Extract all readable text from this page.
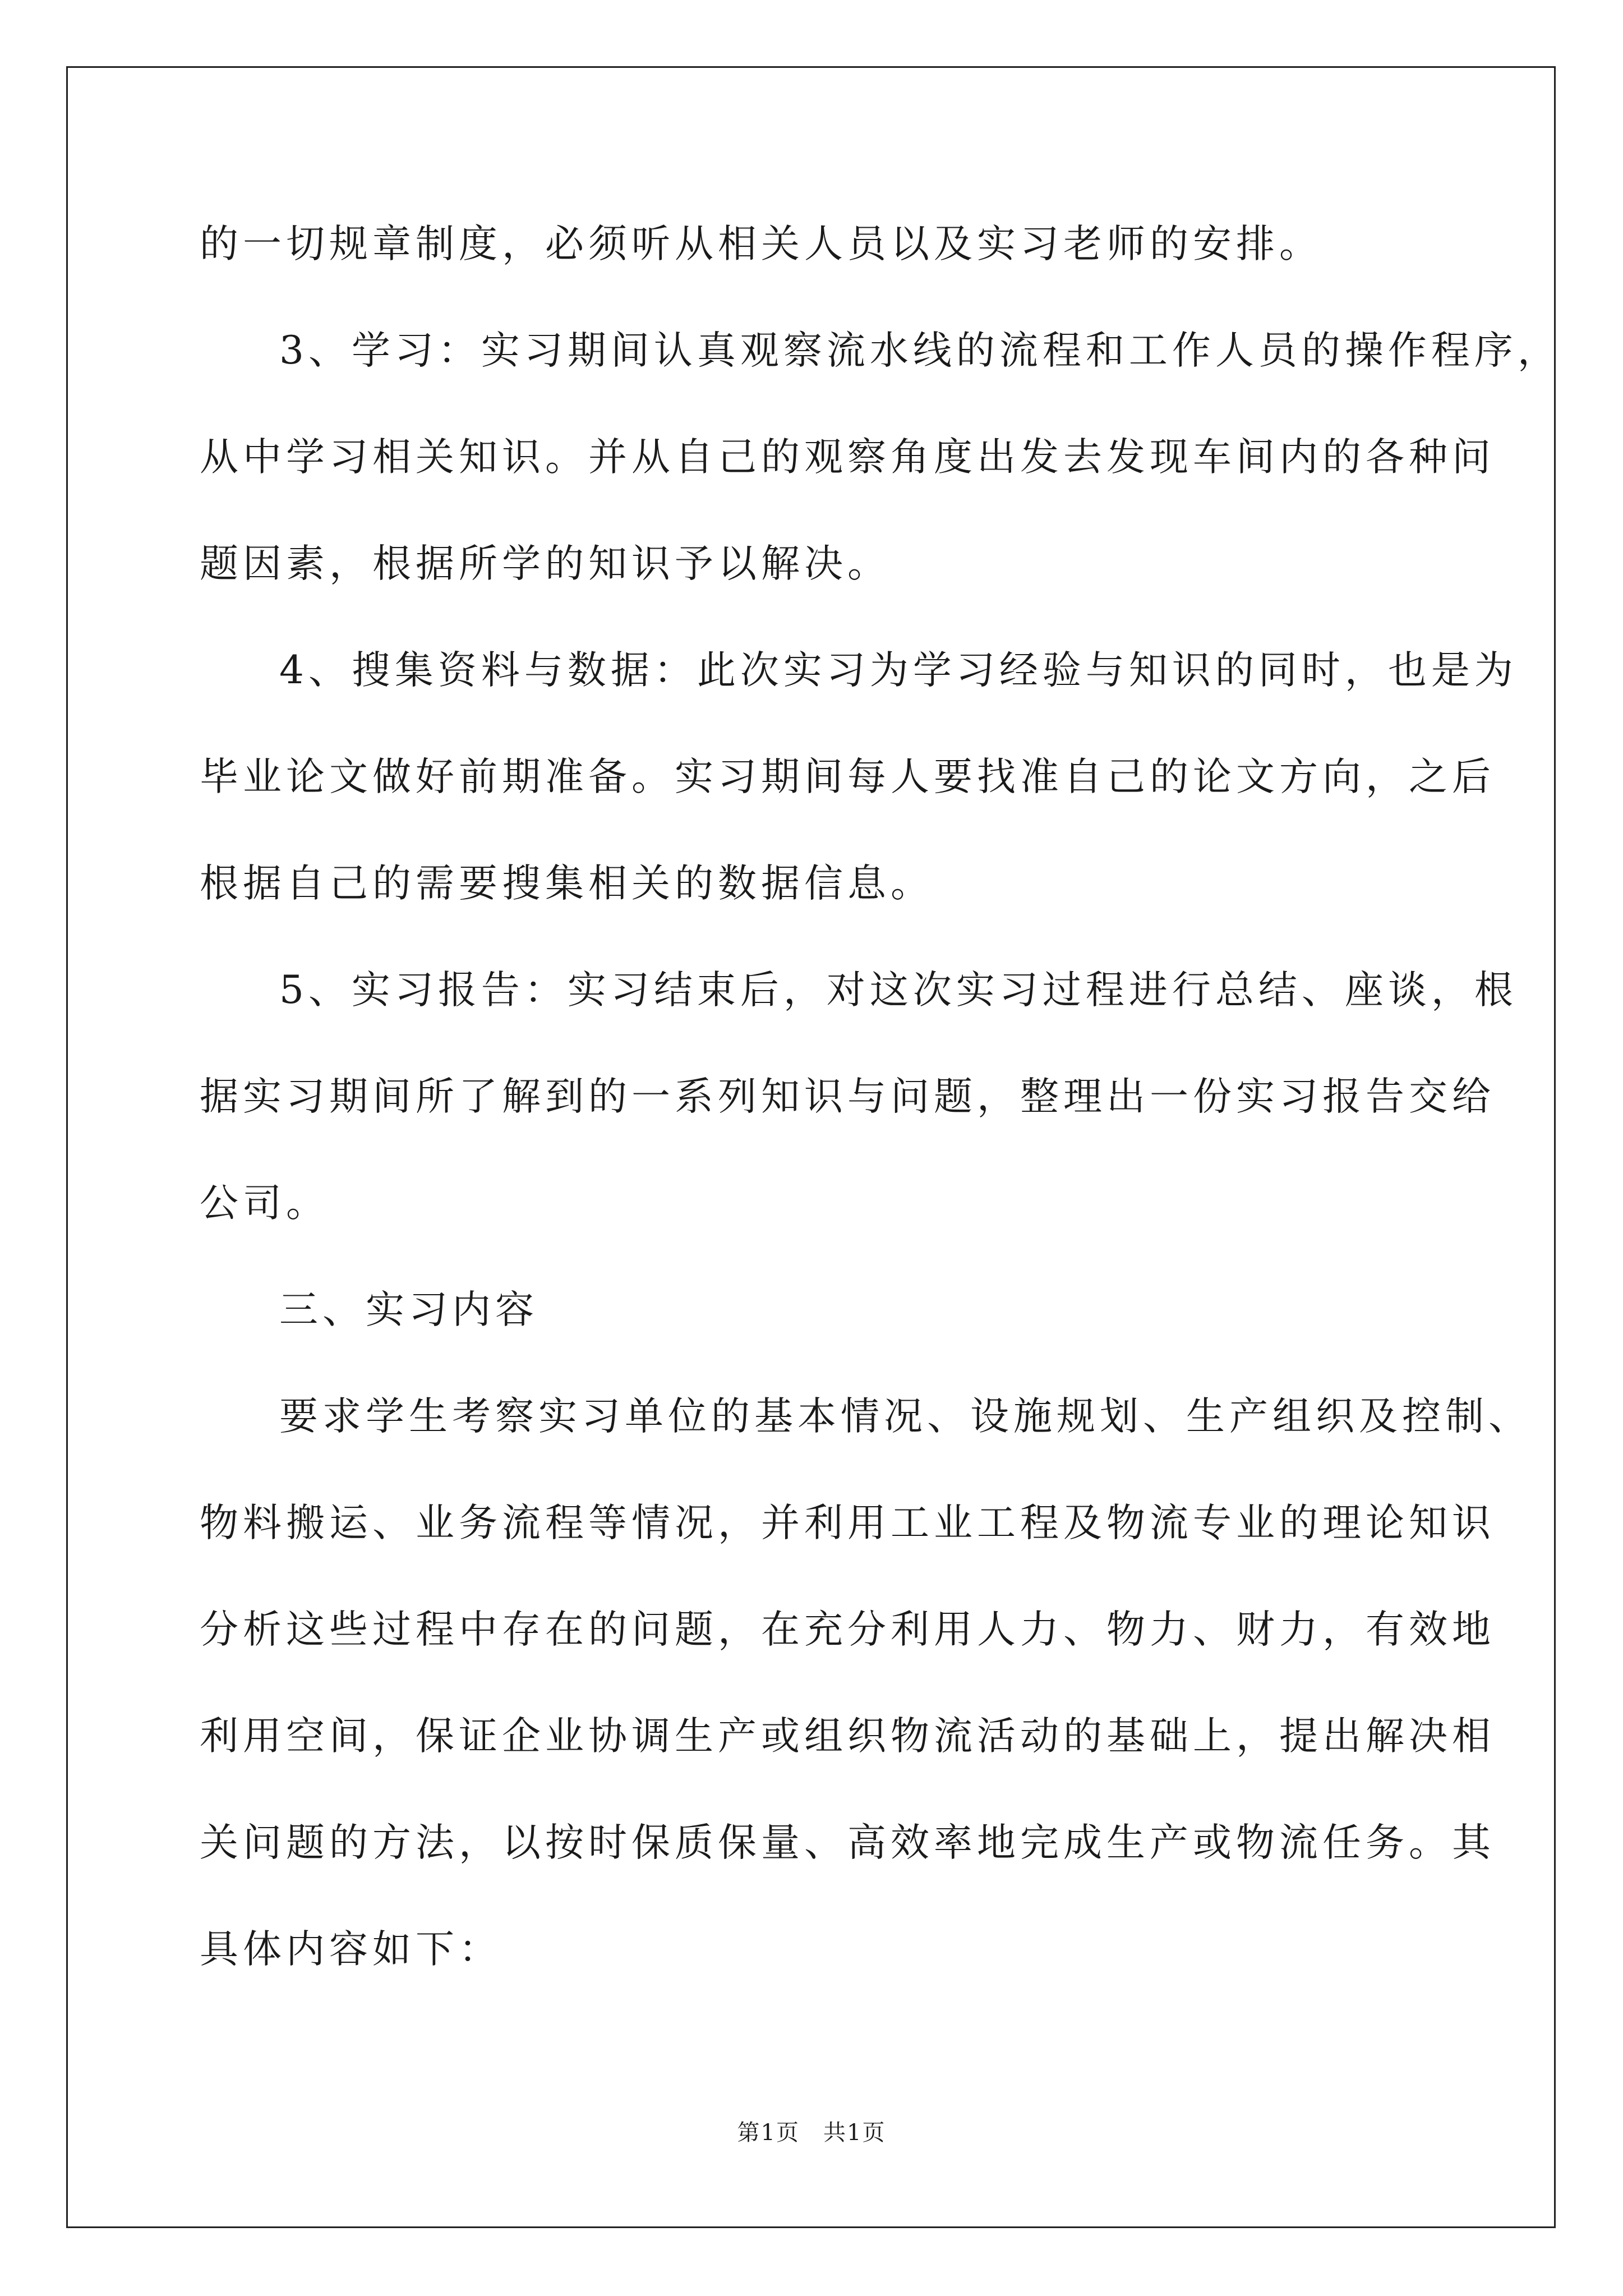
的一切规章制度，必须听从相关人员以及实习老师的安排。
3、学习：实习期间认真观察流水线的流程和工作人员的操作程序，
从中学习相关知识。并从自己的观察角度出发去发现车间内的各种问
题因素，根据所学的知识予以解决。
4、搜集资料与数据：此次实习为学习经验与知识的同时，也是为
毕业论文做好前期准备。实习期间每人要找准自己的论文方向，之后
根据自己的需要搜集相关的数据信息。
5、实习报告：实习结束后，对这次实习过程进行总结、座谈，根
据实习期间所了解到的一系列知识与问题，整理出一份实习报告交给
公司。
三、实习内容
要求学生考察实习单位的基本情况、设施规划、生产组织及控制、
物料搬运、业务流程等情况，并利用工业工程及物流专业的理论知识
分析这些过程中存在的问题，在充分利用人力、物力、财力，有效地
利用空间，保证企业协调生产或组织物流活动的基础上，提出解决相
关问题的方法，以按时保质保量、高效率地完成生产或物流任务。其
具体内容如下：
第1页　共1页
